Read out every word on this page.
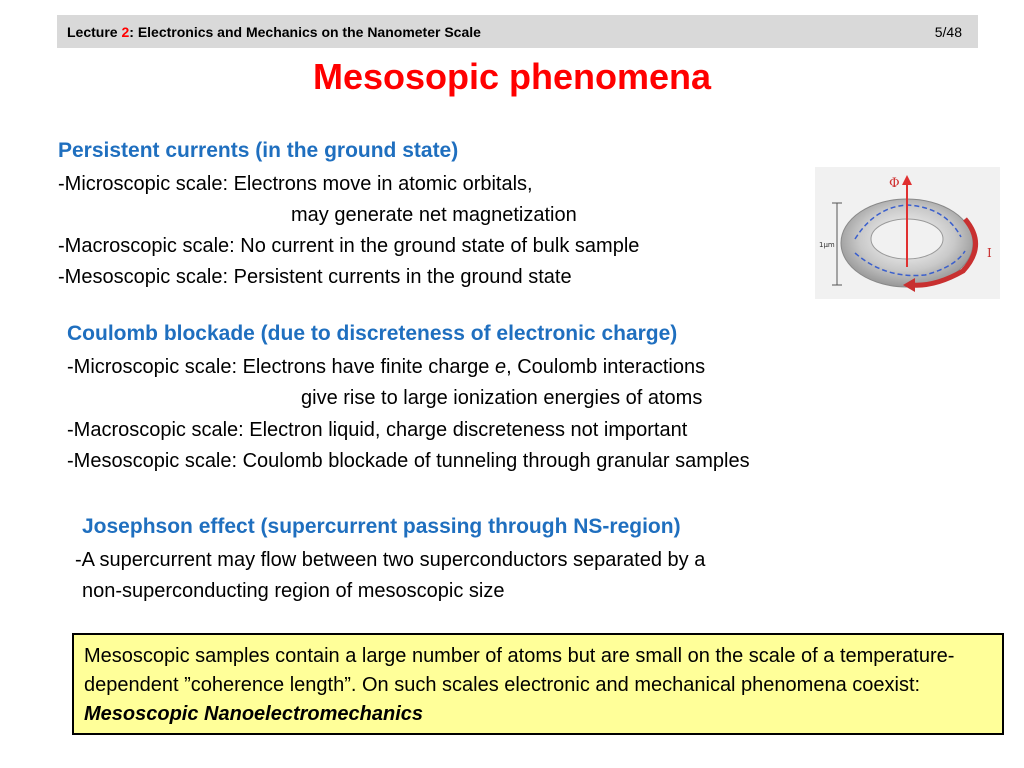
Lecture 2: Electronics and Mechanics on the Nanometer Scale	5/48
Mesosopic phenomena
Persistent currents (in the ground state)
-Microscopic scale: Electrons move in atomic orbitals,
may generate net magnetization
-Macroscopic scale: No current in the ground state of bulk sample
-Mesoscopic scale: Persistent currents in the ground state
1μm
Φ
I
Coulomb blockade (due to discreteness of electronic charge)
-Microscopic scale: Electrons have finite charge e, Coulomb interactions
give rise to large ionization energies of atoms
-Macroscopic scale: Electron liquid, charge discreteness not important
-Mesoscopic scale: Coulomb blockade of tunneling through granular samples
Josephson effect (supercurrent passing through NS-region)
-A supercurrent may flow between two superconductors separated by a
non-superconducting region of mesoscopic size
Mesoscopic samples contain a large number of atoms but are small on the scale of a temperature-dependent ”coherence length”. On such scales electronic and mechanical phenomena coexist: Mesoscopic Nanoelectromechanics
